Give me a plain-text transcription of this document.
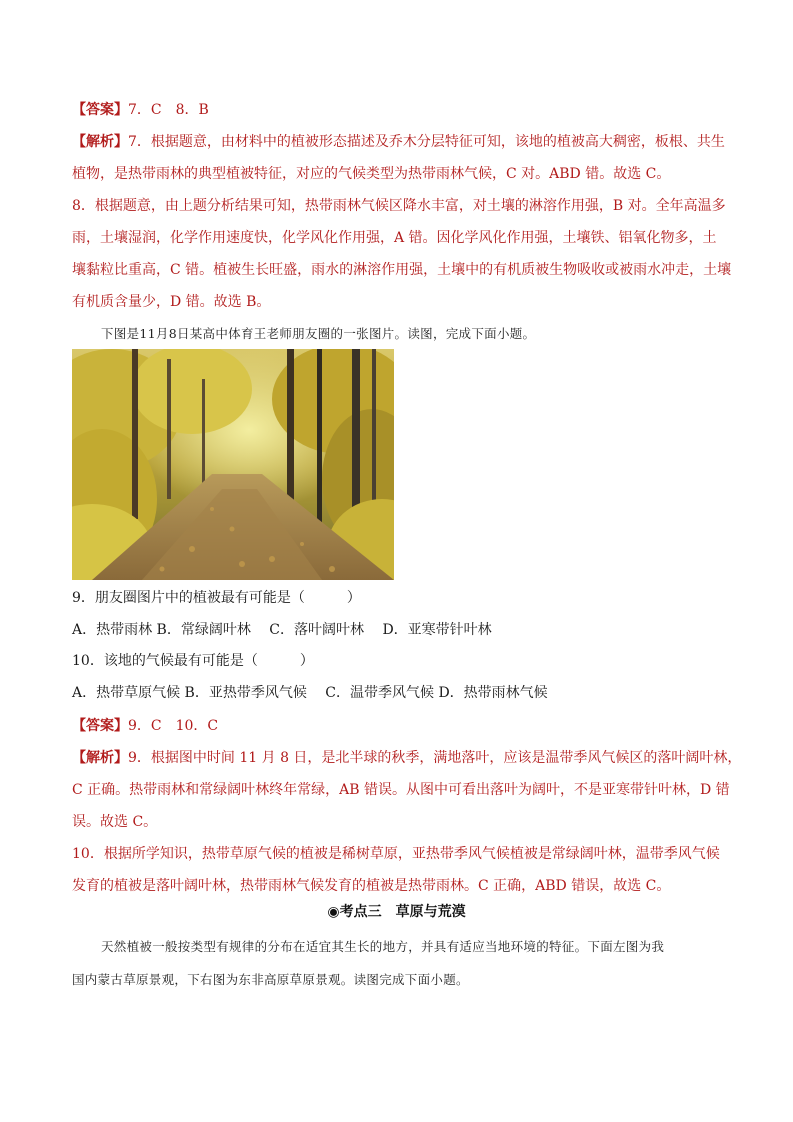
【答案】7．C　8．B
【解析】7．根据题意，由材料中的植被形态描述及乔木分层特征可知，该地的植被高大稠密，板根、共生
植物，是热带雨林的典型植被特征，对应的气候类型为热带雨林气候，C 对。ABD 错。故选 C。
8．根据题意，由上题分析结果可知，热带雨林气候区降水丰富，对土壤的淋溶作用强，B 对。全年高温多
雨，土壤湿润，化学作用速度快，化学风化作用强，A 错。因化学风化作用强，土壤铁、铝氧化物多，土
壤黏粒比重高，C 错。植被生长旺盛，雨水的淋溶作用强，土壤中的有机质被生物吸收或被雨水冲走，土壤
有机质含量少，D 错。故选 B。
下图是11月8日某高中体育王老师朋友圈的一张图片。读图，完成下面小题。
9．朋友圈图片中的植被最有可能是（　　　）
A．热带雨林 B．常绿阔叶林　 C．落叶阔叶林　 D．亚寒带针叶林
10．该地的气候最有可能是（　　　）
A．热带草原气候 B．亚热带季风气候　 C．温带季风气候 D．热带雨林气候
【答案】9．C　10．C
【解析】9．根据图中时间 11 月 8 日，是北半球的秋季，满地落叶，应该是温带季风气候区的落叶阔叶林，
C 正确。热带雨林和常绿阔叶林终年常绿，AB 错误。从图中可看出落叶为阔叶，不是亚寒带针叶林，D 错
误。故选 C。
10．根据所学知识，热带草原气候的植被是稀树草原，亚热带季风气候植被是常绿阔叶林，温带季风气候
发育的植被是落叶阔叶林，热带雨林气候发育的植被是热带雨林。C 正确，ABD 错误，故选 C。
◉考点三　草原与荒漠
天然植被一般按类型有规律的分布在适宜其生长的地方，并具有适应当地环境的特征。下面左图为我
国内蒙古草原景观，下右图为东非高原草原景观。读图完成下面小题。
